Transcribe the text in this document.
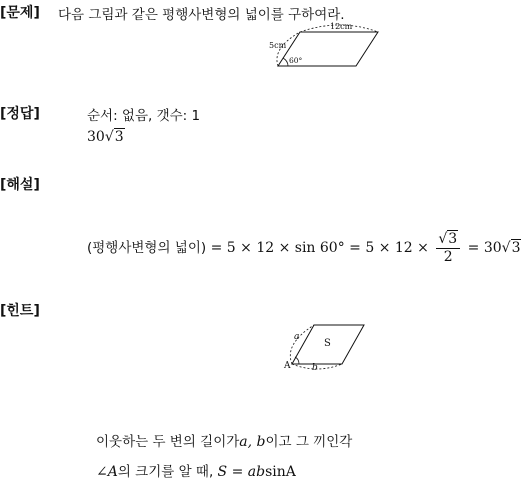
[문제] 다음 그림과 같은 평행사변형의 넓이를 구하여라.
5cm
12cm
60°
[정답]	순서: 없음, 갯수: 1
30√3
[해설]
(평행사변형의 넓이) = $5 \times 12 \times \sin 60^\circ = 5 \times 12 \times \frac{√3}{2} = 30√3$
[힌트]
a
b
S
A
이웃하는 두 변의 길이가a, b이고 그 끼인각
∠A의 크기를 알 때, S = absinA
